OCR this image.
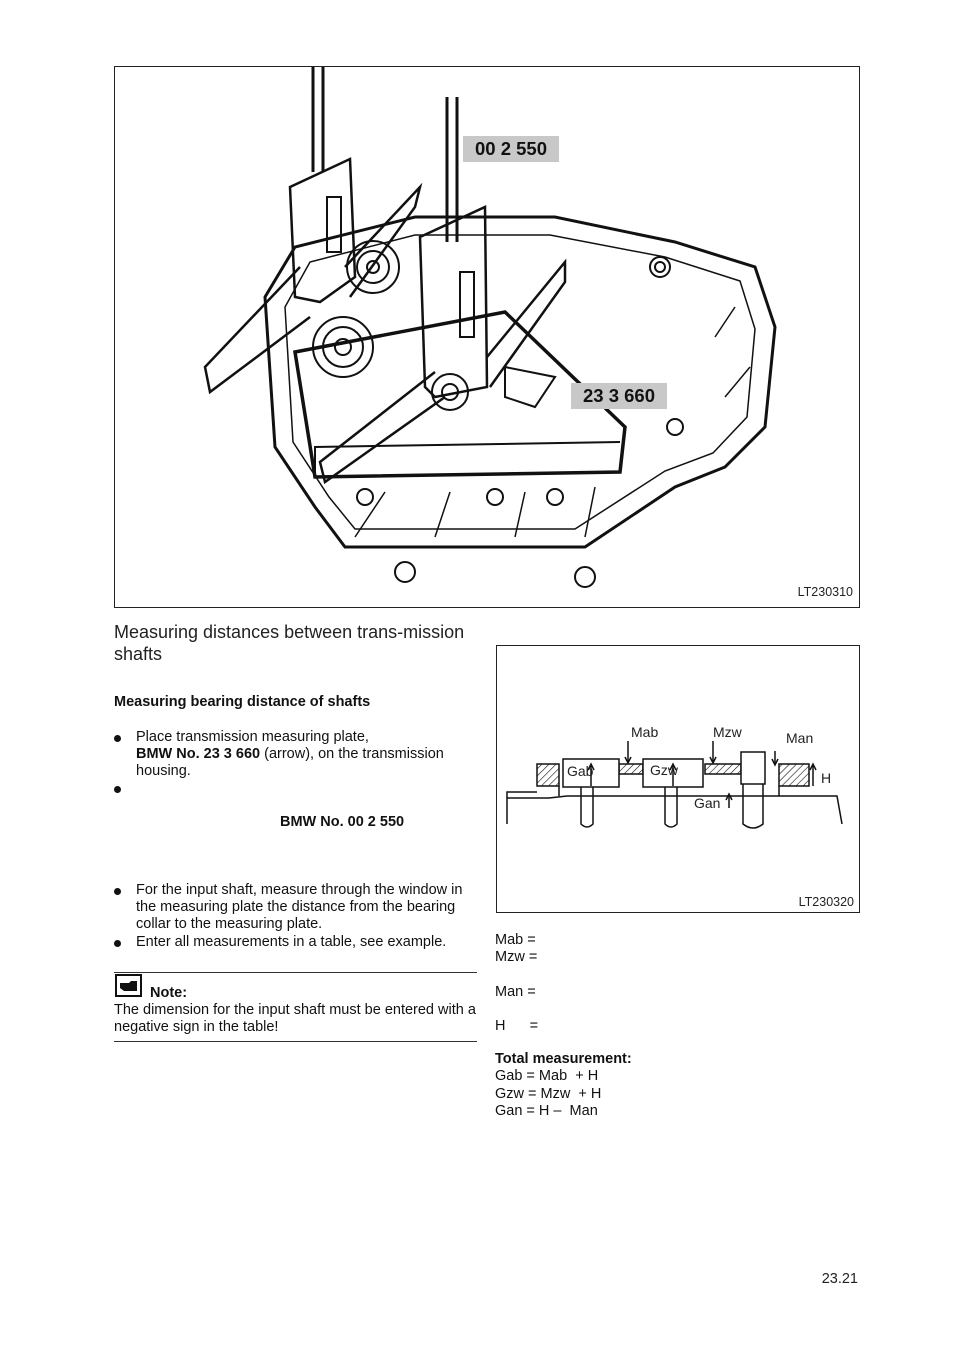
00 2 550
23 3 660
LT230310
Measuring distances between trans-mission shafts
Measuring bearing distance of shafts
Place transmission measuring plate,
BMW No. 23 3 660 (arrow), on the transmission housing.
BMW No. 00 2 550
For the input shaft, measure through the window in the measuring plate the distance from the bearing collar to the measuring plate.
Enter all measurements in a table, see example.
Note:
The dimension for the input shaft must be entered with a negative sign in the table!
Mab	Mzw	Man
Gab	Gzw
Gan
H
LT230320
Mab =
Mzw =
Man =
H      =
Total measurement:
Gab = Mab  + H
Gzw = Mzw  + H
Gan = H –  Man
23.21
